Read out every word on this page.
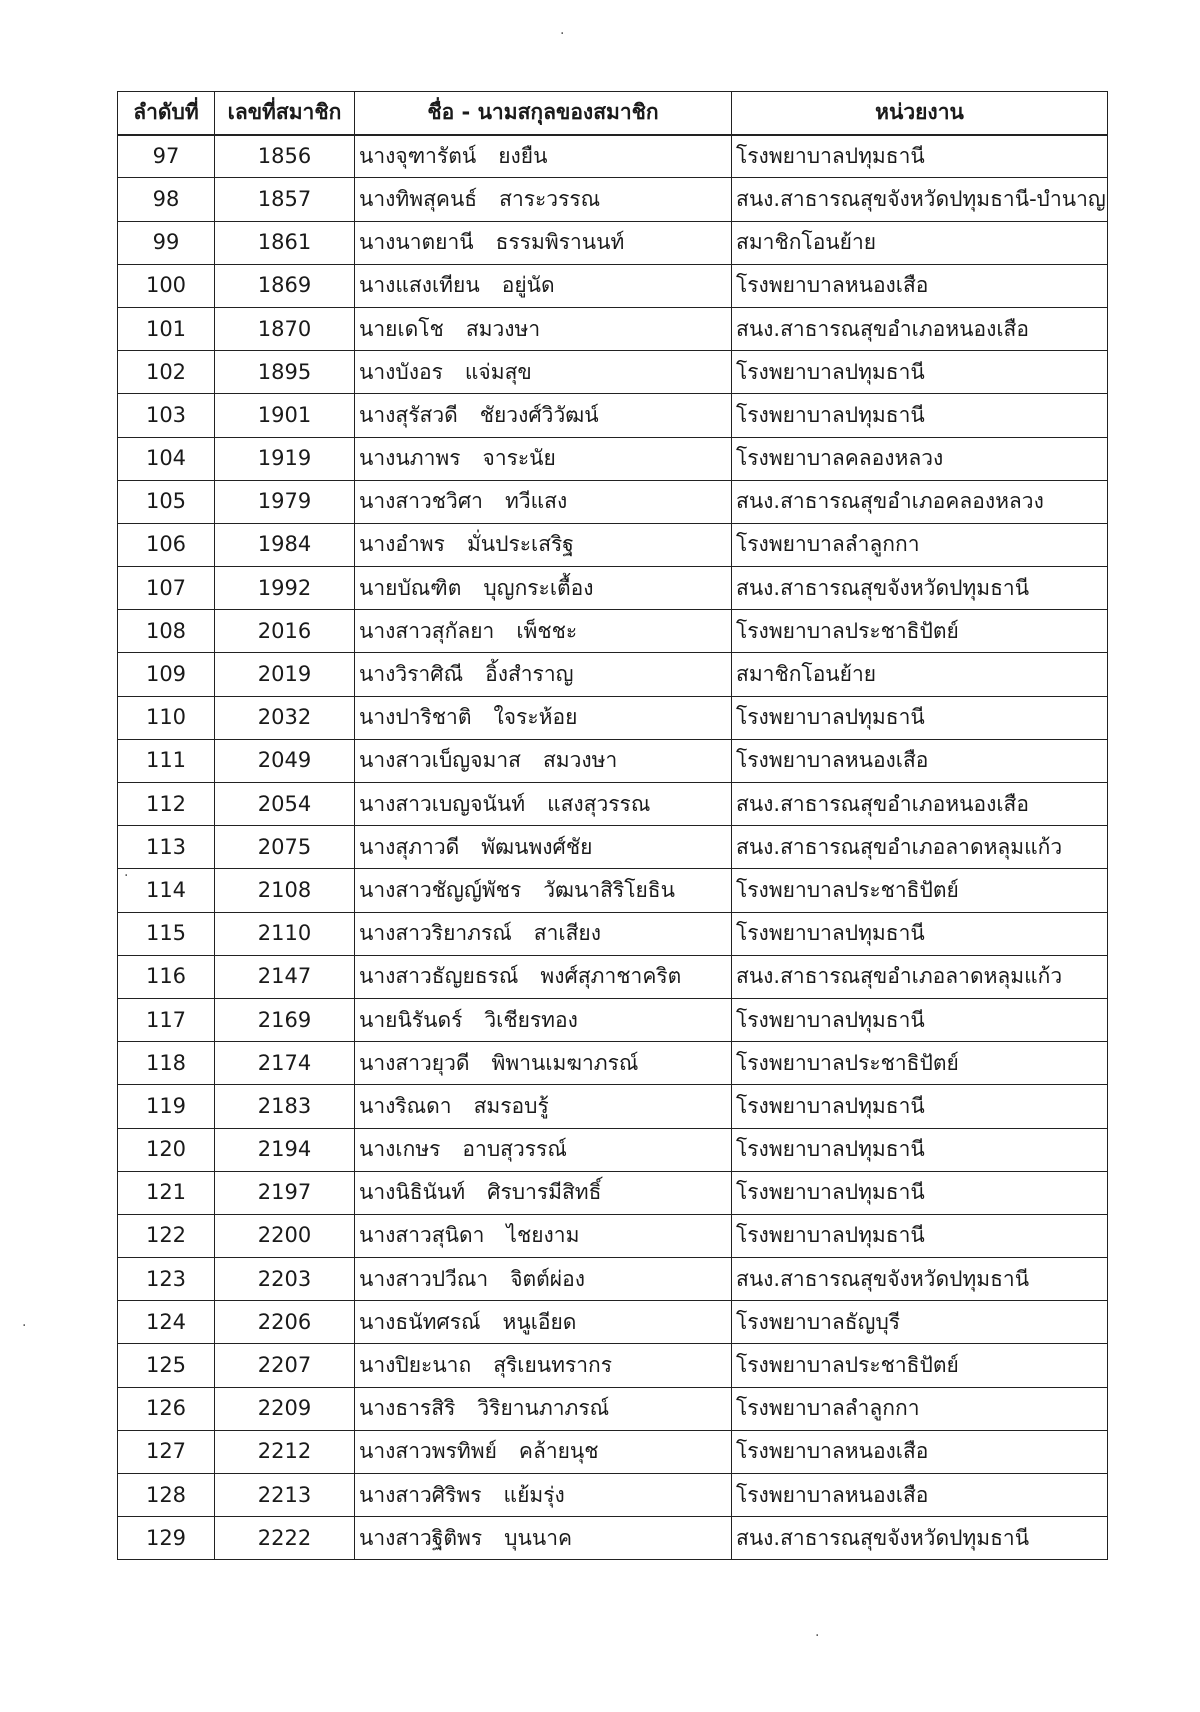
ลำดับที่	เลขที่สมาชิก	ชื่อ - นามสกุลของสมาชิก	หน่วยงาน
97	1856	นางจุฑารัตน์ ยงยืน	โรงพยาบาลปทุมธานี
98	1857	นางทิพสุคนธ์ สาระวรรณ	สนง.สาธารณสุขจังหวัดปทุมธานี-บำนาญ
99	1861	นางนาตยานี ธรรมพิรานนท์	สมาชิกโอนย้าย
100	1869	นางแสงเทียน อยู่นัด	โรงพยาบาลหนองเสือ
101	1870	นายเดโช สมวงษา	สนง.สาธารณสุขอำเภอหนองเสือ
102	1895	นางบังอร แจ่มสุข	โรงพยาบาลปทุมธานี
103	1901	นางสุรัสวดี ชัยวงศ์วิวัฒน์	โรงพยาบาลปทุมธานี
104	1919	นางนภาพร จาระนัย	โรงพยาบาลคลองหลวง
105	1979	นางสาวชวิศา ทวีแสง	สนง.สาธารณสุขอำเภอคลองหลวง
106	1984	นางอำพร มั่นประเสริฐ	โรงพยาบาลลำลูกกา
107	1992	นายบัณฑิต บุญกระเตื้อง	สนง.สาธารณสุขจังหวัดปทุมธานี
108	2016	นางสาวสุกัลยา เพ็ชชะ	โรงพยาบาลประชาธิปัตย์
109	2019	นางวิราศิณี อิ้งสำราญ	สมาชิกโอนย้าย
110	2032	นางปาริชาติ ใจระห้อย	โรงพยาบาลปทุมธานี
111	2049	นางสาวเบ็ญจมาส สมวงษา	โรงพยาบาลหนองเสือ
112	2054	นางสาวเบญจนันท์ แสงสุวรรณ	สนง.สาธารณสุขอำเภอหนองเสือ
113	2075	นางสุภาวดี พัฒนพงศ์ชัย	สนง.สาธารณสุขอำเภอลาดหลุมแก้ว
114	2108	นางสาวชัญญ์พัชร วัฒนาสิริโยธิน	โรงพยาบาลประชาธิปัตย์
115	2110	นางสาวริยาภรณ์ สาเสียง	โรงพยาบาลปทุมธานี
116	2147	นางสาวธัญยธรณ์ พงศ์สุภาชาคริต	สนง.สาธารณสุขอำเภอลาดหลุมแก้ว
117	2169	นายนิรันดร์ วิเชียรทอง	โรงพยาบาลปทุมธานี
118	2174	นางสาวยุวดี พิพานเมฆาภรณ์	โรงพยาบาลประชาธิปัตย์
119	2183	นางริณดา สมรอบรู้	โรงพยาบาลปทุมธานี
120	2194	นางเกษร อาบสุวรรณ์	โรงพยาบาลปทุมธานี
121	2197	นางนิธินันท์ ศิรบารมีสิทธิ์	โรงพยาบาลปทุมธานี
122	2200	นางสาวสุนิดา ไชยงาม	โรงพยาบาลปทุมธานี
123	2203	นางสาวปวีณา จิตต์ผ่อง	สนง.สาธารณสุขจังหวัดปทุมธานี
124	2206	นางธนัทศรณ์ หนูเอียด	โรงพยาบาลธัญบุรี
125	2207	นางปิยะนาถ สุริเยนทรากร	โรงพยาบาลประชาธิปัตย์
126	2209	นางธารสิริ วิริยานภาภรณ์	โรงพยาบาลลำลูกกา
127	2212	นางสาวพรทิพย์ คล้ายนุช	โรงพยาบาลหนองเสือ
128	2213	นางสาวศิริพร แย้มรุ่ง	โรงพยาบาลหนองเสือ
129	2222	นางสาวฐิติพร บุนนาค	สนง.สาธารณสุขจังหวัดปทุมธานี
·
·
·
·
